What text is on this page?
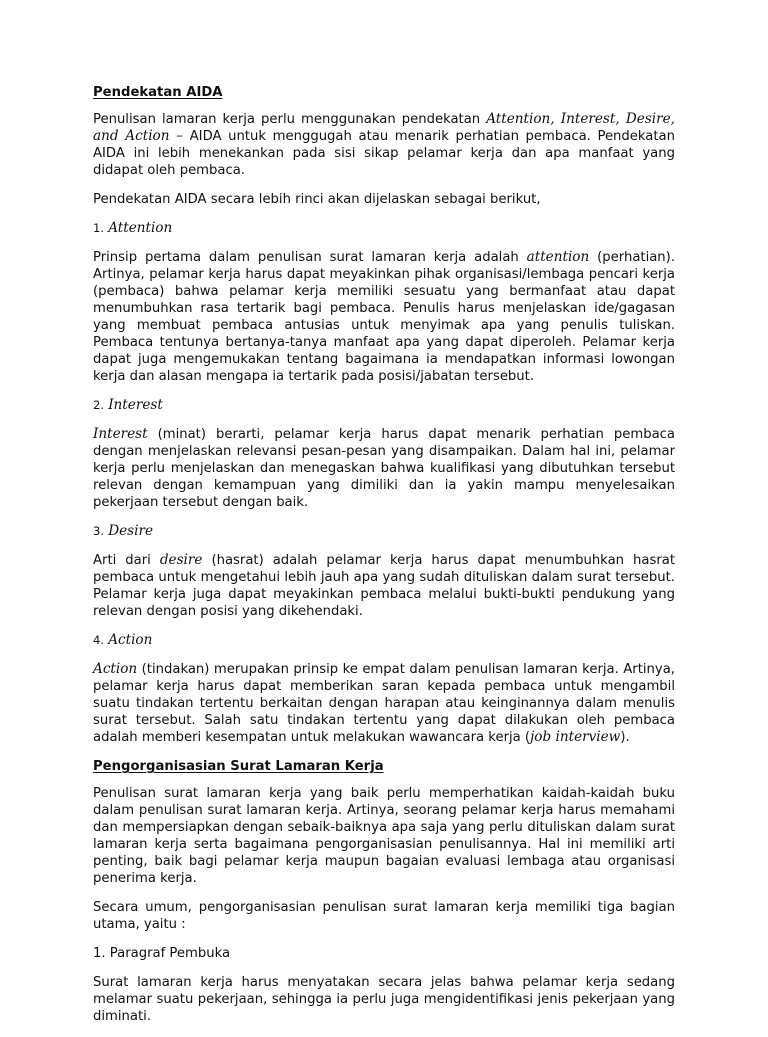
Pendekatan AIDA

Penulisan lamaran kerja perlu menggunakan pendekatan Attention, Interest, Desire, and Action – AIDA untuk menggugah atau menarik perhatian pembaca. Pendekatan AIDA ini lebih menekankan pada sisi sikap pelamar kerja dan apa manfaat yang didapat oleh pembaca.

Pendekatan AIDA secara lebih rinci akan dijelaskan sebagai berikut,

1. Attention

Prinsip pertama dalam penulisan surat lamaran kerja adalah attention (perhatian). Artinya, pelamar kerja harus dapat meyakinkan pihak organisasi/lembaga pencari kerja (pembaca) bahwa pelamar kerja memiliki sesuatu yang bermanfaat atau dapat menumbuhkan rasa tertarik bagi pembaca. Penulis harus menjelaskan ide/gagasan yang membuat pembaca antusias untuk menyimak apa yang penulis tuliskan. Pembaca tentunya bertanya-tanya manfaat apa yang dapat diperoleh. Pelamar kerja dapat juga mengemukakan tentang bagaimana ia mendapatkan informasi lowongan kerja dan alasan mengapa ia tertarik pada posisi/jabatan tersebut.

2. Interest

Interest (minat) berarti, pelamar kerja harus dapat menarik perhatian pembaca dengan menjelaskan relevansi pesan-pesan yang disampaikan. Dalam hal ini, pelamar kerja perlu menjelaskan dan menegaskan bahwa kualifikasi yang dibutuhkan tersebut relevan dengan kemampuan yang dimiliki dan ia yakin mampu menyelesaikan pekerjaan tersebut dengan baik.

3. Desire

Arti dari desire (hasrat) adalah pelamar kerja harus dapat menumbuhkan hasrat pembaca untuk mengetahui lebih jauh apa yang sudah dituliskan dalam surat tersebut. Pelamar kerja juga dapat meyakinkan pembaca melalui bukti-bukti pendukung yang relevan dengan posisi yang dikehendaki.

4. Action

Action (tindakan) merupakan prinsip ke empat dalam penulisan lamaran kerja. Artinya, pelamar kerja harus dapat memberikan saran kepada pembaca untuk mengambil suatu tindakan tertentu berkaitan dengan harapan atau keinginannya dalam menulis surat tersebut. Salah satu tindakan tertentu yang dapat dilakukan oleh pembaca adalah memberi kesempatan untuk melakukan wawancara kerja (job interview).

Pengorganisasian Surat Lamaran Kerja

Penulisan surat lamaran kerja yang baik perlu memperhatikan kaidah-kaidah buku dalam penulisan surat lamaran kerja. Artinya, seorang pelamar kerja harus memahami dan mempersiapkan dengan sebaik-baiknya apa saja yang perlu dituliskan dalam surat lamaran kerja serta bagaimana pengorganisasian penulisannya. Hal ini memiliki arti penting, baik bagi pelamar kerja maupun bagaian evaluasi lembaga atau organisasi penerima kerja.

Secara umum, pengorganisasian penulisan surat lamaran kerja memiliki tiga bagian utama, yaitu :

1. Paragraf Pembuka

Surat lamaran kerja harus menyatakan secara jelas bahwa pelamar kerja sedang melamar suatu pekerjaan, sehingga ia perlu juga mengidentifikasi jenis pekerjaan yang diminati.
